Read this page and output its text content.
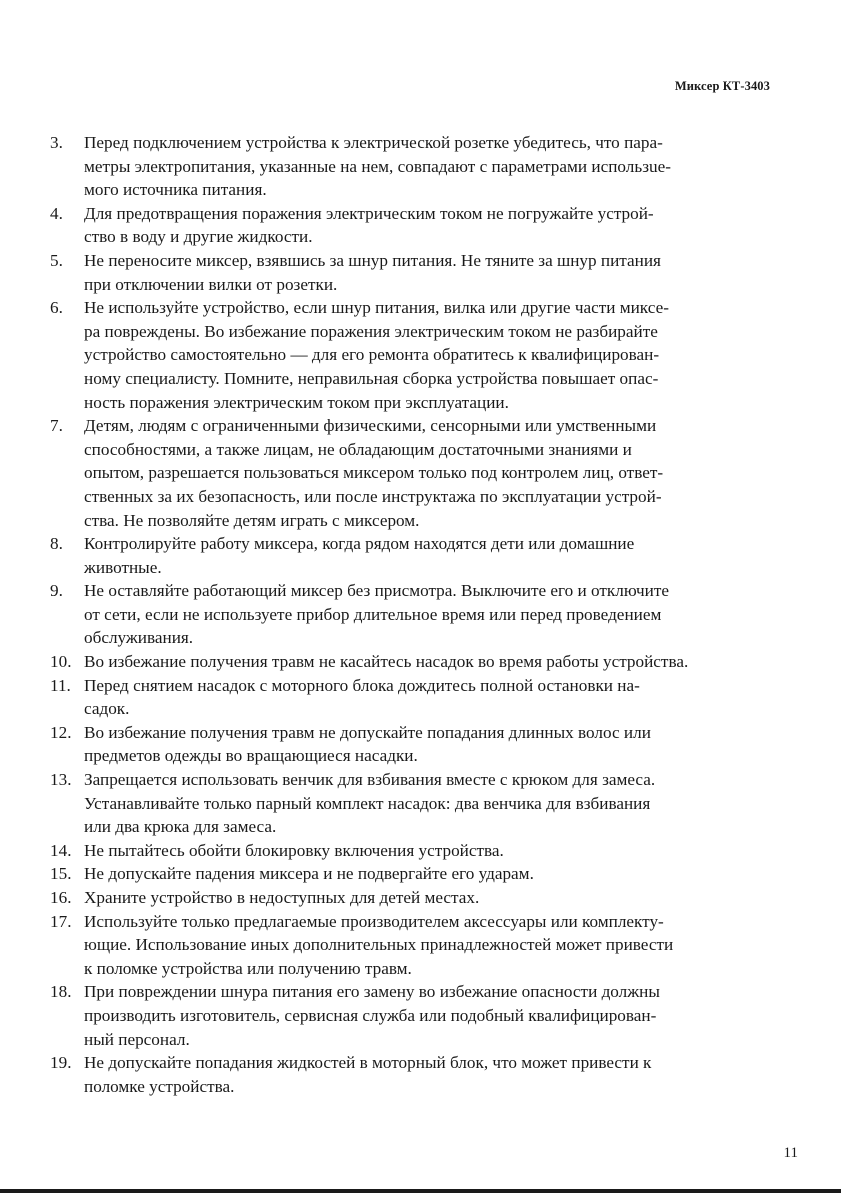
Миксер КТ-3403
3.	Перед подключением устройства к электрической розетке убедитесь, что пара-
метры электропитания, указанные на нем, совпадают с параметрами использue-
мого источника питания.
4.	Для предотвращения поражения электрическим током не погружайте устрой-
ство в воду и другие жидкости.
5.	Не переносите миксер, взявшись за шнур питания. Не тяните за шнур питания
при отключении вилки от розетки.
6.	Не используйте устройство, если шнур питания, вилка или другие части миксе-
ра повреждены. Во избежание поражения электрическим током не разбирайте
устройство самостоятельно — для его ремонта обратитесь к квалифицирован-
ному специалисту. Помните, неправильная сборка устройства повышает опас-
ность поражения электрическим током при эксплуатации.
7.	Детям, людям с ограниченными физическими, сенсорными или умственными
способностями, а также лицам, не обладающим достаточными знаниями и
опытом, разрешается пользоваться миксером только под контролем лиц, ответ-
ственных за их безопасность, или после инструктажа по эксплуатации устрой-
ства. Не позволяйте детям играть с миксером.
8.	Контролируйте работу миксера, когда рядом находятся дети или домашние
животные.
9.	Не оставляйте работающий миксер без присмотра. Выключите его и отключите
от сети, если не используете прибор длительное время или перед проведением
обслуживания.
10. Во избежание получения травм не касайтесь насадок во время работы устройства.
11. Перед снятием насадок с моторного блока дождитесь полной остановки на-
садок.
12. Во избежание получения травм не допускайте попадания длинных волос или
предметов одежды во вращающиеся насадки.
13. Запрещается использовать венчик для взбивания вместе с крюком для замеса.
Устанавливайте только парный комплект насадок: два венчика для взбивания
или два крюка для замеса.
14. Не пытайтесь обойти блокировку включения устройства.
15. Не допускайте падения миксера и не подвергайте его ударам.
16. Храните устройство в недоступных для детей местах.
17. Используйте только предлагаемые производителем аксессуары или комплекту-
ющие. Использование иных дополнительных принадлежностей может привести
к поломке устройства или получению травм.
18. При повреждении шнура питания его замену во избежание опасности должны
производить изготовитель, сервисная служба или подобный квалифицирован-
ный персонал.
19. Не допускайте попадания жидкостей в моторный блок, что может привести к
поломке устройства.
11
